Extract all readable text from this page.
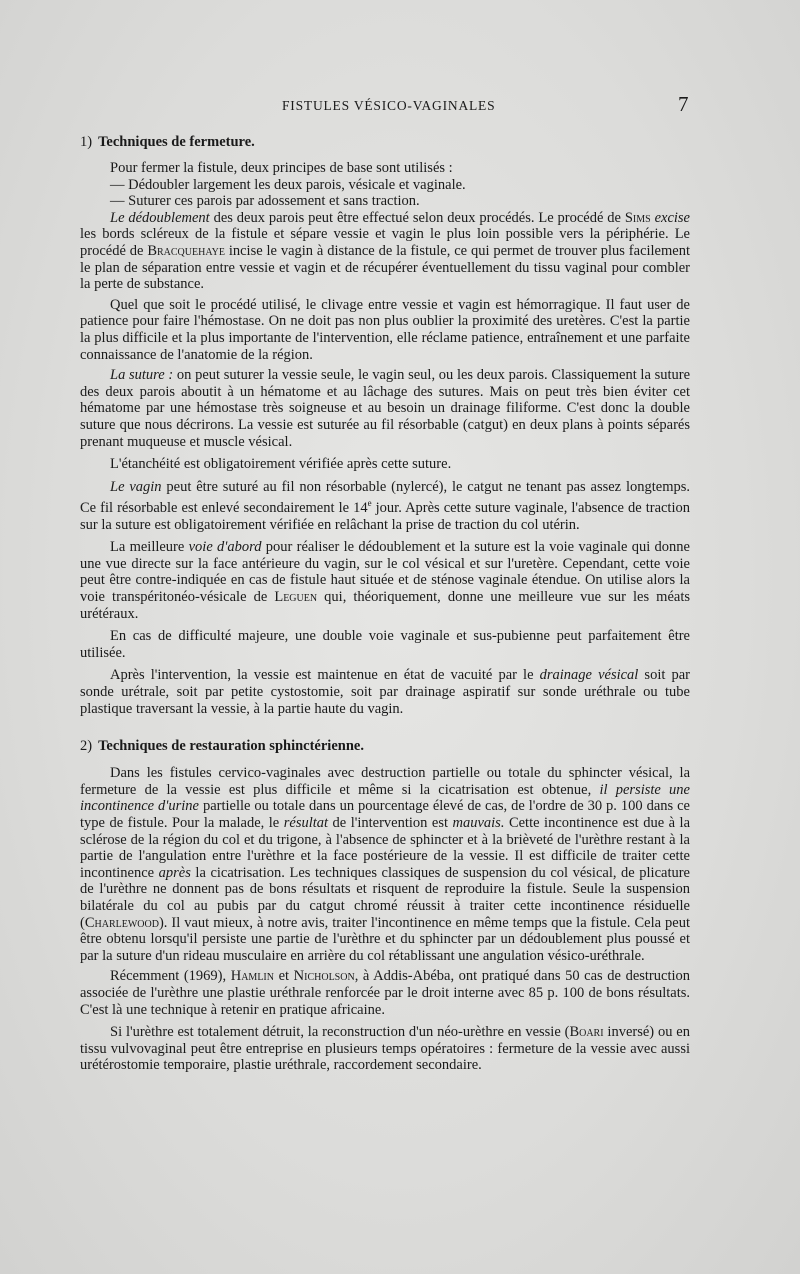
FISTULES VÉSICO-VAGINALES	7
1) Techniques de fermeture.

Pour fermer la fistule, deux principes de base sont utilisés :

— Dédoubler largement les deux parois, vésicale et vaginale.

— Suturer ces parois par adossement et sans traction.

Le dédoublement des deux parois peut être effectué selon deux procédés. Le procédé de Sims excise les bords scléreux de la fistule et sépare vessie et vagin le plus loin possible vers la périphérie. Le procédé de Bracquehaye incise le vagin à distance de la fistule, ce qui permet de trouver plus facilement le plan de séparation entre vessie et vagin et de récupérer éventuellement du tissu vaginal pour combler la perte de substance.

Quel que soit le procédé utilisé, le clivage entre vessie et vagin est hémorragique. Il faut user de patience pour faire l'hémostase. On ne doit pas non plus oublier la proximité des uretères. C'est la partie la plus difficile et la plus importante de l'intervention, elle réclame patience, entraînement et une parfaite connaissance de l'anatomie de la région.

La suture : on peut suturer la vessie seule, le vagin seul, ou les deux parois. Classiquement la suture des deux parois aboutit à un hématome et au lâchage des sutures. Mais on peut très bien éviter cet hématome par une hémostase très soigneuse et au besoin un drainage filiforme. C'est donc la double suture que nous décrirons. La vessie est suturée au fil résorbable (catgut) en deux plans à points séparés prenant muqueuse et muscle vésical.

L'étanchéité est obligatoirement vérifiée après cette suture.

Le vagin peut être suturé au fil non résorbable (nylercé), le catgut ne tenant pas assez longtemps. Ce fil résorbable est enlevé secondairement le 14e jour. Après cette suture vaginale, l'absence de traction sur la suture est obligatoirement vérifiée en relâchant la prise de traction du col utérin.

La meilleure voie d'abord pour réaliser le dédoublement et la suture est la voie vaginale qui donne une vue directe sur la face antérieure du vagin, sur le col vésical et sur l'uretère. Cependant, cette voie peut être contre-indiquée en cas de fistule haut située et de sténose vaginale étendue. On utilise alors la voie transpéritonéo-vésicale de Leguen qui, théoriquement, donne une meilleure vue sur les méats urétéraux.

En cas de difficulté majeure, une double voie vaginale et sus-pubienne peut parfaitement être utilisée.

Après l'intervention, la vessie est maintenue en état de vacuité par le drainage vésical soit par sonde urétrale, soit par petite cystostomie, soit par drainage aspiratif sur sonde uréthrale ou tube plastique traversant la vessie, à la partie haute du vagin.

2) Techniques de restauration sphinctérienne.

Dans les fistules cervico-vaginales avec destruction partielle ou totale du sphincter vésical, la fermeture de la vessie est plus difficile et même si la cicatrisation est obtenue, il persiste une incontinence d'urine partielle ou totale dans un pourcentage élevé de cas, de l'ordre de 30 p. 100 dans ce type de fistule. Pour la malade, le résultat de l'intervention est mauvais. Cette incontinence est due à la sclérose de la région du col et du trigone, à l'absence de sphincter et à la brièveté de l'urèthre restant à la partie de l'angulation entre l'urèthre et la face postérieure de la vessie. Il est difficile de traiter cette incontinence après la cicatrisation. Les techniques classiques de suspension du col vésical, de plicature de l'urèthre ne donnent pas de bons résultats et risquent de reproduire la fistule. Seule la suspension bilatérale du col au pubis par du catgut chromé réussit à traiter cette incontinence résiduelle (Charlewood). Il vaut mieux, à notre avis, traiter l'incontinence en même temps que la fistule. Cela peut être obtenu lorsqu'il persiste une partie de l'urèthre et du sphincter par un dédoublement plus poussé et par la suture d'un rideau musculaire en arrière du col rétablissant une angulation vésico-uréthrale.

Récemment (1969), Hamlin et Nicholson, à Addis-Abéba, ont pratiqué dans 50 cas de destruction associée de l'urèthre une plastie uréthrale renforcée par le droit interne avec 85 p. 100 de bons résultats. C'est là une technique à retenir en pratique africaine.

Si l'urèthre est totalement détruit, la reconstruction d'un néo-urèthre en vessie (Boari inversé) ou en tissu vulvovaginal peut être entreprise en plusieurs temps opératoires : fermeture de la vessie avec aussi urétérostomie temporaire, plastie uréthrale, raccordement secondaire.
